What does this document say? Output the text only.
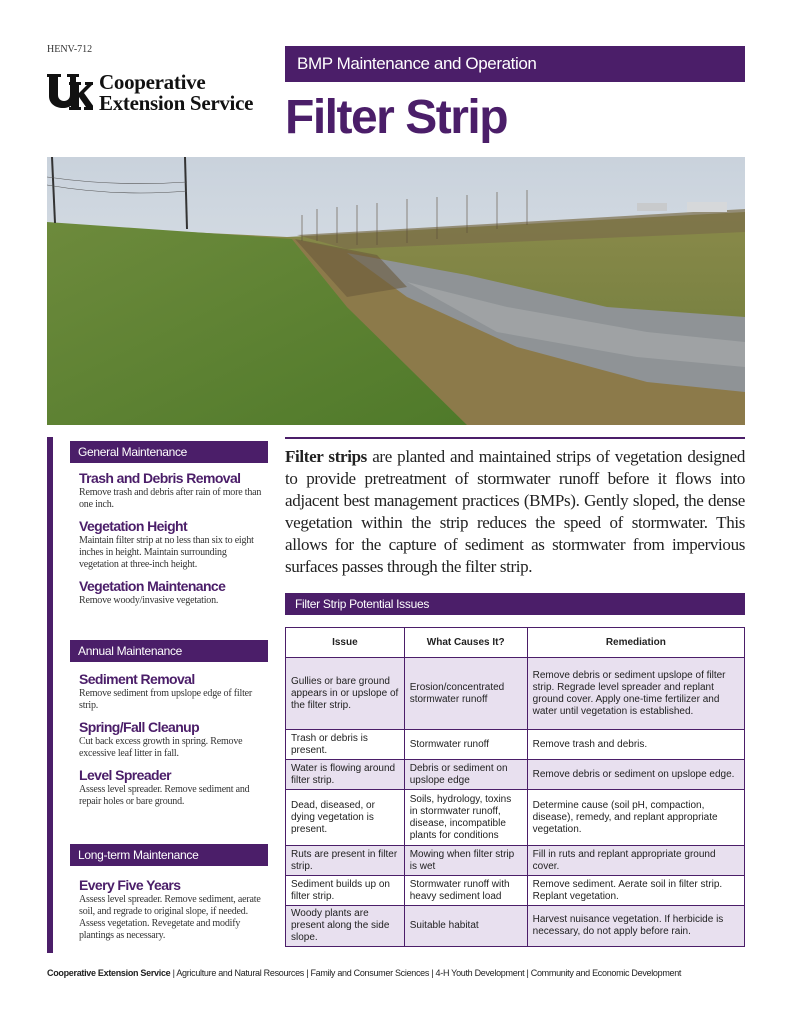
HENV-712
Cooperative
Extension Service
BMP Maintenance and Operation
Filter Strip
General Maintenance
Trash and Debris Removal
Remove trash and debris after rain of more than one inch.
Vegetation Height
Maintain filter strip at no less than six to eight inches in height. Maintain surrounding vegetation at three-inch height.
Vegetation Maintenance
Remove woody/invasive vegetation.
Annual Maintenance
Sediment Removal
Remove sediment from upslope edge of filter strip.
Spring/Fall Cleanup
Cut back excess growth in spring. Remove excessive leaf litter in fall.
Level Spreader
Assess level spreader. Remove sediment and repair holes or bare ground.
Long-term Maintenance
Every Five Years
Assess level spreader. Remove sediment, aerate soil, and regrade to original slope, if needed. Assess vegetation. Revegetate and modify plantings as necessary.

Filter strips are planted and maintained strips of vegetation designed to provide pretreatment of stormwater runoff before it flows into adjacent best management practices (BMPs). Gently sloped, the dense vegetation within the strip reduces the speed of stormwater. This allows for the capture of sediment as stormwater from impervious surfaces passes through the filter strip.

Filter Strip Potential Issues
Issue	What Causes It?	Remediation
Gullies or bare ground appears in or upslope of the filter strip.	Erosion/concentrated stormwater runoff	Remove debris or sediment upslope of filter strip. Regrade level spreader and replant ground cover. Apply one-time fertilizer and water until vegetation is established.
Trash or debris is present.	Stormwater runoff	Remove trash and debris.
Water is flowing around filter strip.	Debris or sediment on upslope edge	Remove debris or sediment on upslope edge.
Dead, diseased, or dying vegetation is present.	Soils, hydrology, toxins in stormwater runoff, disease, incompatible plants for conditions	Determine cause (soil pH, compaction, disease), remedy, and replant appropriate vegetation.
Ruts are present in filter strip.	Mowing when filter strip is wet	Fill in ruts and replant appropriate ground cover.
Sediment builds up on filter strip.	Stormwater runoff with heavy sediment load	Remove sediment. Aerate soil in filter strip. Replant vegetation.
Woody plants are present along the side slope.	Suitable habitat	Harvest nuisance vegetation. If herbicide is necessary, do not apply before rain.
Cooperative Extension Service | Agriculture and Natural Resources | Family and Consumer Sciences | 4-H Youth Development | Community and Economic Development
